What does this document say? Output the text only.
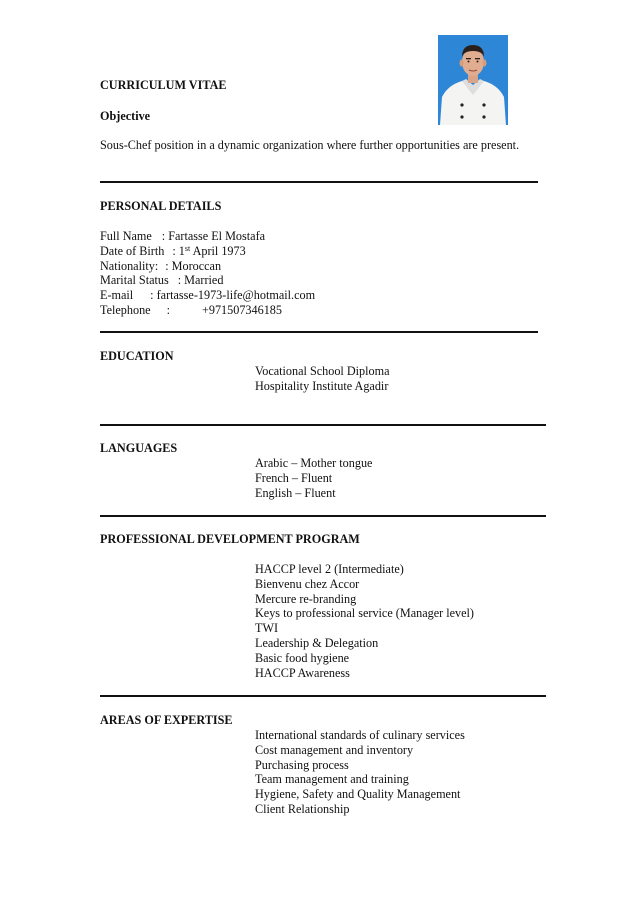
CURRICULUM VITAE
Objective
Sous-Chef position in a dynamic organization where further opportunities are present.
PERSONAL DETAILS
Full Name : Fartasse El Mostafa
Date of Birth : 1st April 1973
Nationality: : Moroccan
Marital Status : Married
E-mail : fartasse-1973-life@hotmail.com
Telephone :	+971507346185
EDUCATION
Vocational School Diploma
Hospitality Institute Agadir
LANGUAGES
Arabic – Mother tongue
French – Fluent
English – Fluent
PROFESSIONAL DEVELOPMENT PROGRAM
HACCP level 2 (Intermediate)
Bienvenu chez Accor
Mercure re-branding
Keys to professional service (Manager level)
TWI
Leadership & Delegation
Basic food hygiene
HACCP Awareness
AREAS OF EXPERTISE
International standards of culinary services
Cost management and inventory
Purchasing process
Team management and training
Hygiene, Safety and Quality Management
Client Relationship
